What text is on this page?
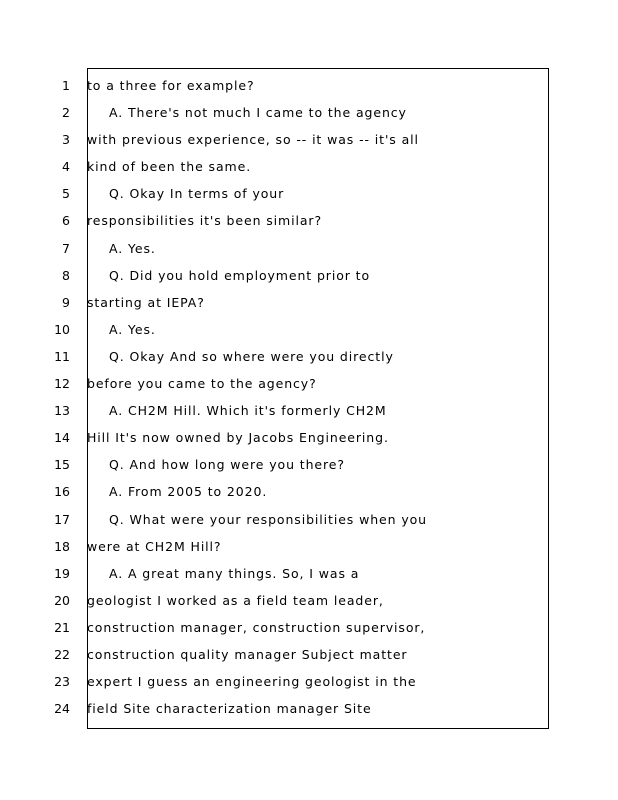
1 to a three for example?
2	A. There's not much I came to the agency
3 with previous experience, so -- it was -- it's all
4 kind of been the same.
5	Q. Okay In terms of your
6 responsibilities it's been similar?
7	A. Yes.
8	Q. Did you hold employment prior to
9 starting at IEPA?
10	A. Yes.
11	Q. Okay And so where were you directly
12 before you came to the agency?
13	A. CH2M Hill. Which it's formerly CH2M
14 Hill It's now owned by Jacobs Engineering.
15	Q. And how long were you there?
16	A. From 2005 to 2020.
17	Q. What were your responsibilities when you
18 were at CH2M Hill?
19	A. A great many things. So, I was a
20 geologist I worked as a field team leader,
21 construction manager, construction supervisor,
22 construction quality manager Subject matter
23 expert I guess an engineering geologist in the
24 field Site characterization manager Site
